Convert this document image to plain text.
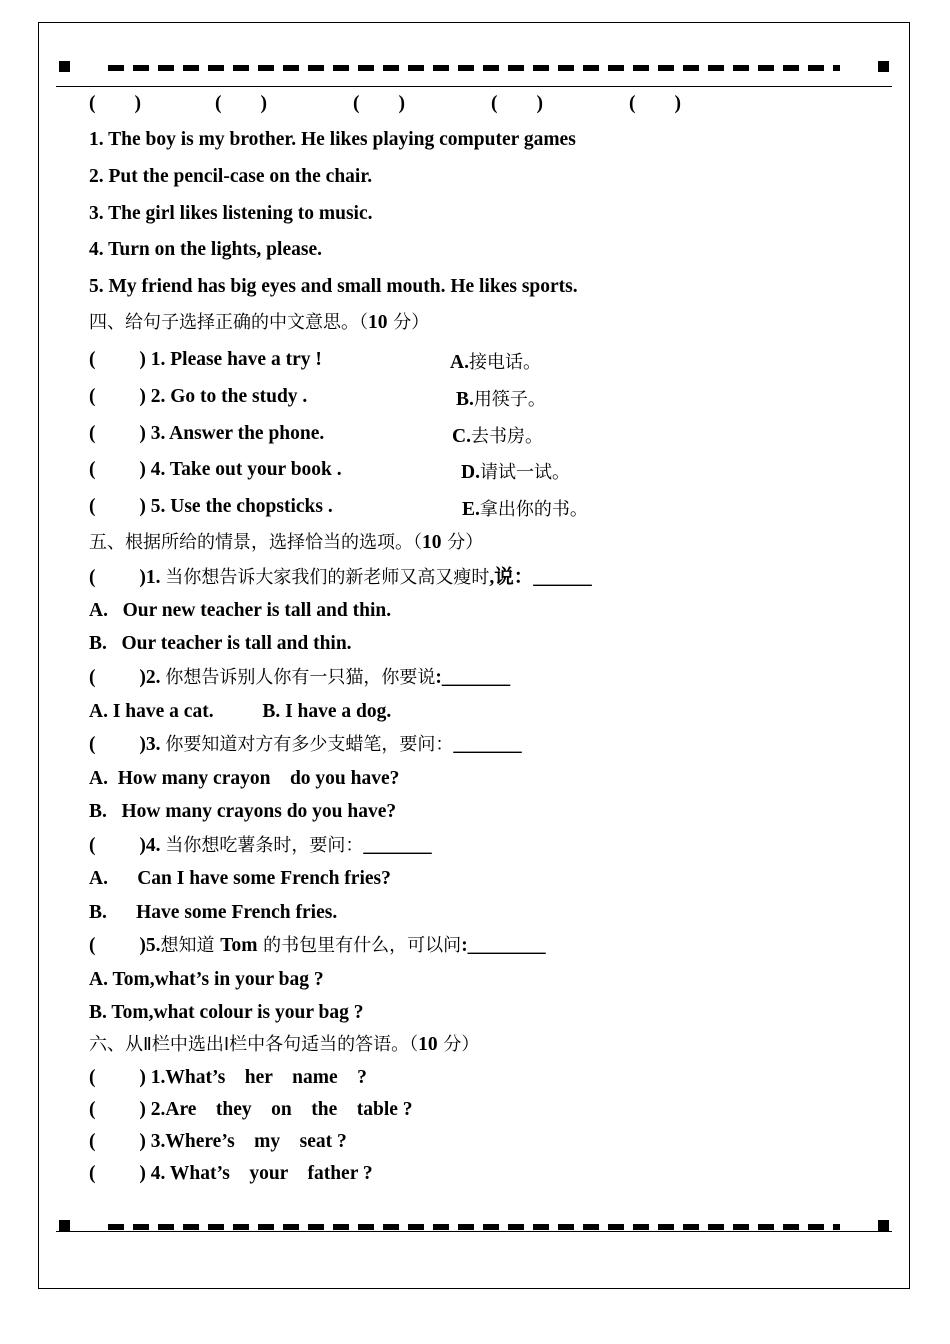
(        )	(        )	(        )	(        )	(        )
1. The boy is my brother. He likes playing computer games
2. Put the pencil-case on the chair.
3. The girl likes listening to music.
4. Turn on the lights, please.
5. My friend has big eyes and small mouth. He likes sports.
四、给句子选择正确的中文意思。（10 分）
(         ) 1. Please have a try !	A.接电话。
(         ) 2. Go to the study .	B.用筷子。
(         ) 3. Answer the phone.	C.去书房。
(         ) 4. Take out your book .	D.请试一试。
(         ) 5. Use the chopsticks .	E.拿出你的书。
五、根据所给的情景，选择恰当的选项。（10 分）
(         )1. 当你想告诉大家我们的新老师又高又瘦时,说：______
A.   Our new teacher is tall and thin.
B.   Our teacher is tall and thin.
(         )2. 你想告诉别人你有一只猫，你要说:_______
A. I have a cat.          B. I have a dog.
(         )3. 你要知道对方有多少支蜡笔，要问：_______
A.  How many crayon    do you have?
B.   How many crayons do you have?
(         )4. 当你想吃薯条时，要问：_______
A.      Can I have some French fries?
B.      Have some French fries.
(         )5.想知道 Tom 的书包里有什么，可以问:________
A. Tom,what’s in your bag ?
B. Tom,what colour is your bag ?
六、从Ⅱ栏中选出Ⅰ栏中各句适当的答语。（10 分）
(         ) 1.What’s    her    name    ?
(         ) 2.Are    they    on    the    table ?
(         ) 3.Where’s    my    seat ?
(         ) 4. What’s    your    father ?
